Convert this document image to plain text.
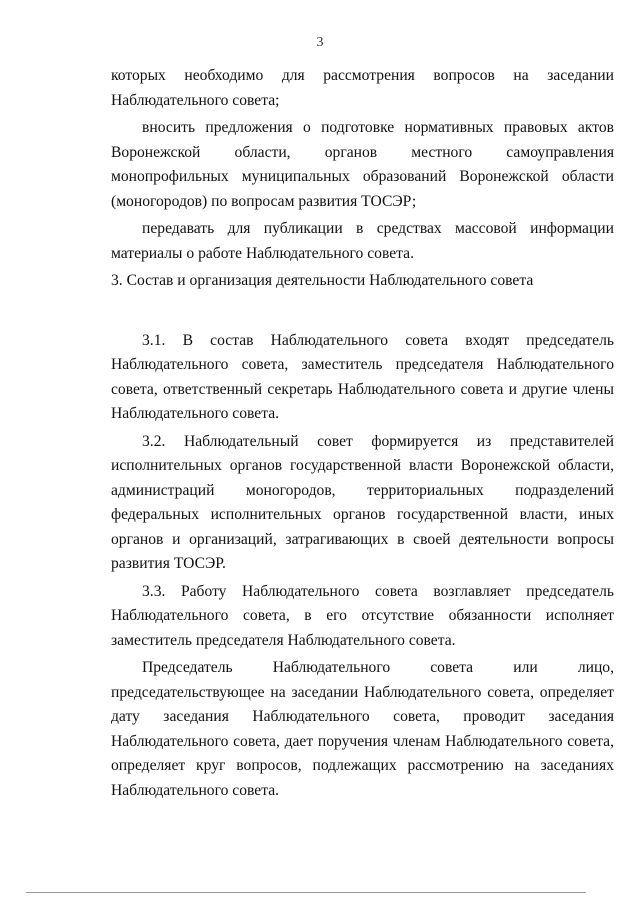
3

которых необходимо для рассмотрения вопросов на заседании Наблюдательного совета;

вносить предложения о подготовке нормативных правовых актов Воронежской области, органов местного самоуправления монопрофильных муниципальных образований Воронежской области (моногородов) по вопросам развития ТОСЭР;

передавать для публикации в средствах массовой информации материалы о работе Наблюдательного совета.

3. Состав и организация деятельности Наблюдательного совета

3.1. В состав Наблюдательного совета входят председатель Наблюдательного совета, заместитель председателя Наблюдательного совета, ответственный секретарь Наблюдательного совета и другие члены Наблюдательного совета.

3.2. Наблюдательный совет формируется из представителей исполнительных органов государственной власти Воронежской области, администраций моногородов, территориальных подразделений федеральных исполнительных органов государственной власти, иных органов и организаций, затрагивающих в своей деятельности вопросы развития ТОСЭР.

3.3. Работу Наблюдательного совета возглавляет председатель Наблюдательного совета, в его отсутствие обязанности исполняет заместитель председателя Наблюдательного совета.

Председатель Наблюдательного совета или лицо, председательствующее на заседании Наблюдательного совета, определяет дату заседания Наблюдательного совета, проводит заседания Наблюдательного совета, дает поручения членам Наблюдательного совета, определяет круг вопросов, подлежащих рассмотрению на заседаниях Наблюдательного совета.
